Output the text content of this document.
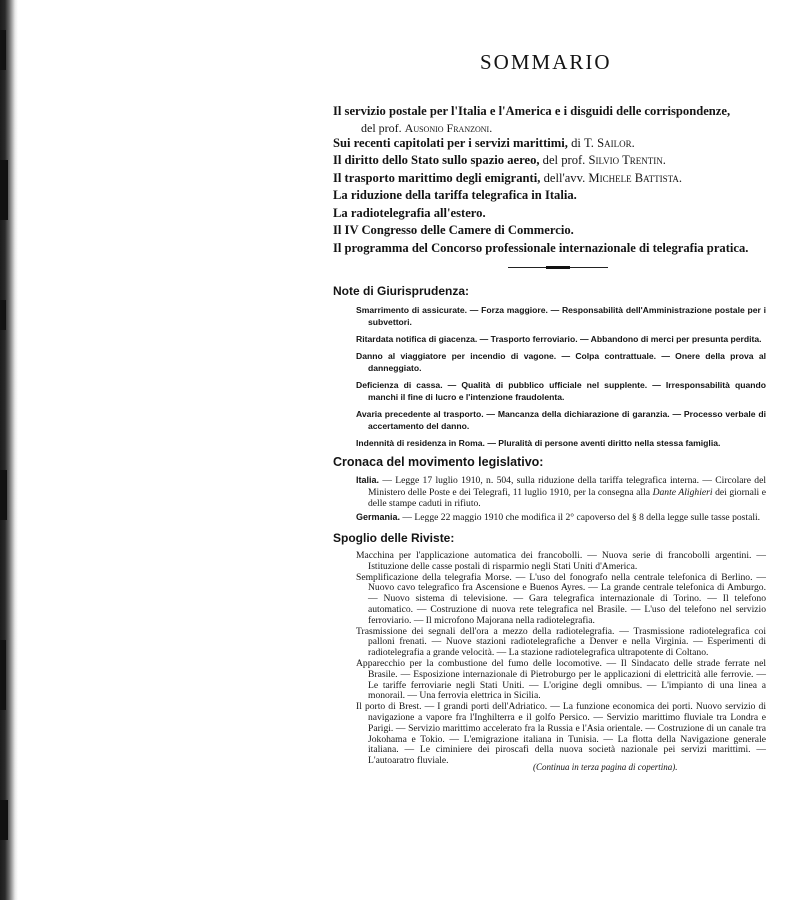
SOMMARIO
Il servizio postale per l'Italia e l'America e i disguidi delle corrispondenze,
del prof. Ausonio Franzoni.
Sui recenti capitolati per i servizi marittimi, di T. Sailor.
Il diritto dello Stato sullo spazio aereo, del prof. Silvio Trentin.
Il trasporto marittimo degli emigranti, dell'avv. Michele Battista.
La riduzione della tariffa telegrafica in Italia.
La radiotelegrafia all'estero.
Il IV Congresso delle Camere di Commercio.
Il programma del Concorso professionale internazionale di telegrafia pratica.
Note di Giurisprudenza:
Smarrimento di assicurate. — Forza maggiore. — Responsabilità dell'Amministrazione postale per i subvettori.
Ritardata notifica di giacenza. — Trasporto ferroviario. — Abbandono di merci per presunta perdita.
Danno al viaggiatore per incendio di vagone. — Colpa contrattuale. — Onere della prova al danneggiato.
Deficienza di cassa. — Qualità di pubblico ufficiale nel supplente. — Irresponsabilità quando manchi il fine di lucro e l'intenzione fraudolenta.
Avaria precedente al trasporto. — Mancanza della dichiarazione di garanzia. — Processo verbale di accertamento del danno.
Indennità di residenza in Roma. — Pluralità di persone aventi diritto nella stessa famiglia.
Cronaca del movimento legislativo:
Italia. — Legge 17 luglio 1910, n. 504, sulla riduzione della tariffa telegrafica interna. — Circolare del Ministero delle Poste e dei Telegrafi, 11 luglio 1910, per la consegna alla Dante Alighieri dei giornali e delle stampe caduti in rifiuto.
Germania. — Legge 22 maggio 1910 che modifica il 2° capoverso del § 8 della legge sulle tasse postali.
Spoglio delle Riviste:
Macchina per l'applicazione automatica dei francobolli. — Nuova serie di francobolli argentini. — Istituzione delle casse postali di risparmio negli Stati Uniti d'America.
Semplificazione della telegrafia Morse. — L'uso del fonografo nella centrale telefonica di Berlino. — Nuovo cavo telegrafico fra Ascensione e Buenos Ayres. — La grande centrale telefonica di Amburgo. — Nuovo sistema di televisione. — Gara telegrafica internazionale di Torino. — Il telefono automatico. — Costruzione di nuova rete telegrafica nel Brasile. — L'uso del telefono nel servizio ferroviario. — Il microfono Majorana nella radiotelegrafia.
Trasmissione dei segnali dell'ora a mezzo della radiotelegrafia. — Trasmissione radiotelegrafica coi palloni frenati. — Nuove stazioni radiotelegrafiche a Denver e nella Virginia. — Esperimenti di radiotelegrafia a grande velocità. — La stazione radiotelegrafica ultrapotente di Coltano.
Apparecchio per la combustione del fumo delle locomotive. — Il Sindacato delle strade ferrate nel Brasile. — Esposizione internazionale di Pietroburgo per le applicazioni di elettricità alle ferrovie. — Le tariffe ferroviarie negli Stati Uniti. — L'origine degli omnibus. — L'impianto di una linea a monorail. — Una ferrovia elettrica in Sicilia.
Il porto di Brest. — I grandi porti dell'Adriatico. — La funzione economica dei porti. Nuovo servizio di navigazione a vapore fra l'Inghilterra e il golfo Persico. — Servizio marittimo fluviale tra Londra e Parigi. — Servizio marittimo accelerato fra la Russia e l'Asia orientale. — Costruzione di un canale tra Jokohama e Tokio. — L'emigrazione italiana in Tunisia. — La flotta della Navigazione generale italiana. — Le ciminiere dei piroscafi della nuova società nazionale pei servizi marittimi. — L'autoaratro fluviale.
(Continua in terza pagina di copertina).
